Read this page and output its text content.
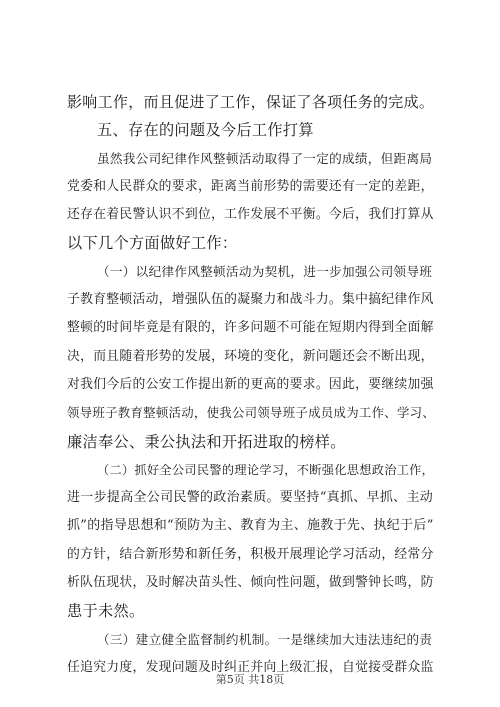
影响工作，而且促进了工作，保证了各项任务的完成。
五、存在的问题及今后工作打算
虽然我公司纪律作风整顿活动取得了一定的成绩，但距离局
党委和人民群众的要求，距离当前形势的需要还有一定的差距，
还存在着民警认识不到位，工作发展不平衡。今后，我们打算从
以下几个方面做好工作：
（一）以纪律作风整顿活动为契机，进一步加强公司领导班
子教育整顿活动，增强队伍的凝聚力和战斗力。集中搞纪律作风
整顿的时间毕竟是有限的，许多问题不可能在短期内得到全面解
决，而且随着形势的发展，环境的变化，新问题还会不断出现，
对我们今后的公安工作提出新的更高的要求。因此，要继续加强
领导班子教育整顿活动，使我公司领导班子成员成为工作、学习、
廉洁奉公、秉公执法和开拓进取的榜样。
（二）抓好全公司民警的理论学习，不断强化思想政治工作，
进一步提高全公司民警的政治素质。要坚持“真抓、早抓、主动
抓”的指导思想和“预防为主、教育为主、施教于先、执纪于后”
的方针，结合新形势和新任务，积极开展理论学习活动，经常分
析队伍现状，及时解决苗头性、倾向性问题，做到警钟长鸣，防
患于未然。
（三）建立健全监督制约机制。一是继续加大违法违纪的责
任追究力度，发现问题及时纠正并向上级汇报，自觉接受群众监
第5页 共18页
